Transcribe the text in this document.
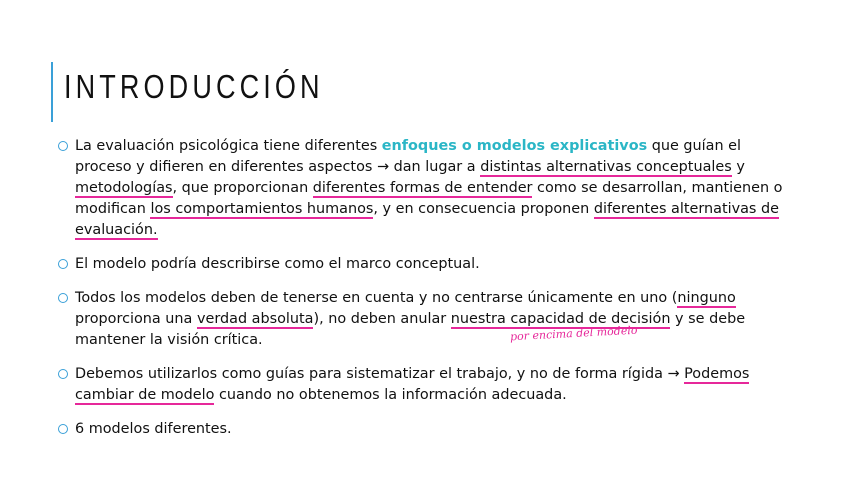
INTRODUCCIÓN
La evaluación psicológica tiene diferentes enfoques o modelos explicativos que guían el proceso y difieren en diferentes aspectos → dan lugar a distintas alternativas conceptuales y metodologías, que proporcionan diferentes formas de entender como se desarrollan, mantienen o modifican los comportamientos humanos, y en consecuencia proponen diferentes alternativas de evaluación.
El modelo podría describirse como el marco conceptual.
Todos los modelos deben de tenerse en cuenta y no centrarse únicamente en uno (ninguno proporciona una verdad absoluta), no deben anular nuestra capacidad de decisión y se debe mantener la visión crítica.
Debemos utilizarlos como guías para sistematizar el trabajo, y no de forma rígida → Podemos cambiar de modelo cuando no obtenemos la información adecuada.
6 modelos diferentes.
por encima del modelo
